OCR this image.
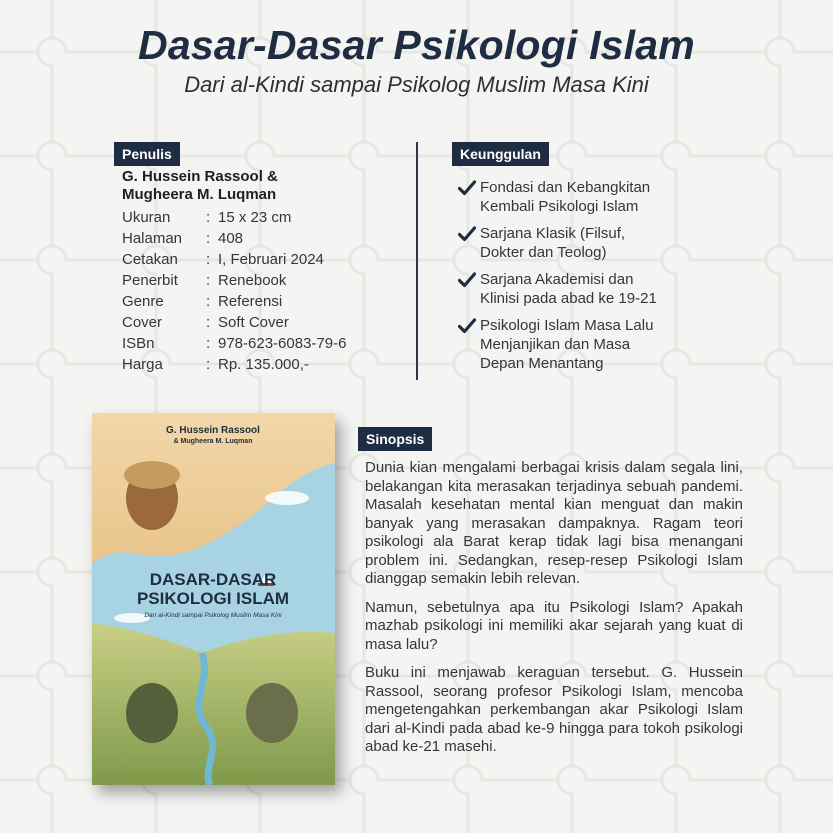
Dasar-Dasar Psikologi Islam
Dari al-Kindi sampai Psikolog Muslim Masa Kini
Penulis
G. Hussein Rassool &
Mugheera M. Luqman
Ukuran	: 15 x 23 cm
Halaman	: 408
Cetakan	: I, Februari 2024
Penerbit	: Renebook
Genre	: Referensi
Cover	: Soft Cover
ISBn	: 978-623-6083-79-6
Harga	: Rp. 135.000,-
Keunggulan
Fondasi dan Kebangkitan
Kembali Psikologi Islam
Sarjana Klasik (Filsuf,
Dokter dan Teolog)
Sarjana Akademisi dan
Klinisi pada abad ke 19-21
Psikologi Islam Masa Lalu
Menjanjikan dan Masa
Depan Menantang
G. Hussein Rassool
& Mugheera M. Luqman
DASAR-DASAR
PSIKOLOGI ISLAM
Dari al-Kindi sampai Psikolog Muslim Masa Kini
Sinopsis

Dunia kian mengalami berbagai krisis dalam segala lini, belakangan kita merasakan terjadinya sebuah pandemi. Masalah kesehatan mental kian menguat dan makin banyak yang merasakan dampaknya. Ragam teori psikologi ala Barat kerap tidak lagi bisa menangani problem ini. Sedangkan, resep-resep Psikologi Islam dianggap semakin lebih relevan.

Namun, sebetulnya apa itu Psikologi Islam? Apakah mazhab psikologi ini memiliki akar sejarah yang kuat di masa lalu?

Buku ini menjawab keraguan tersebut. G. Hussein Rassool, seorang profesor Psikologi Islam, mencoba mengetengahkan perkembangan akar Psikologi Islam dari al-Kindi pada abad ke-9 hingga para tokoh psikologi abad ke-21 masehi.
